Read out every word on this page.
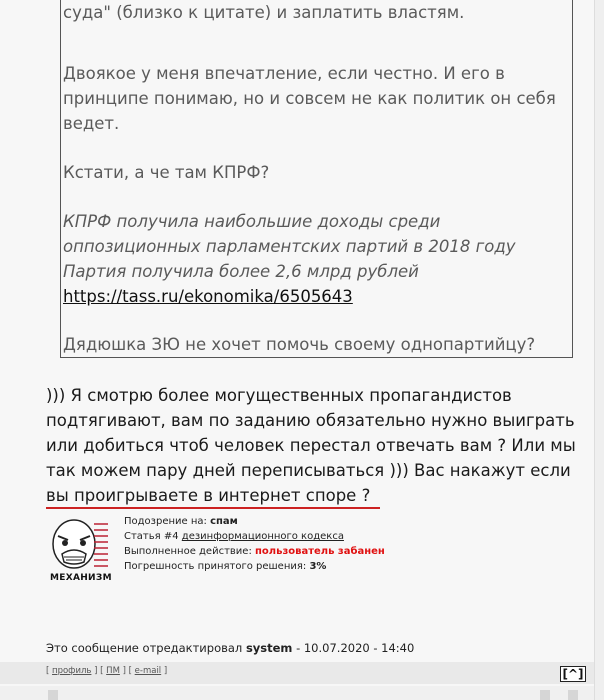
суда" (близко к цитате) и заплатить властям.

Двоякое у меня впечатление, если честно. И его в принципе понимаю, но и совсем не как политик он себя ведет.

Кстати, а че там КПРФ?

КПРФ получила наибольшие доходы среди оппозиционных парламентских партий в 2018 году Партия получила более 2,6 млрд рублей
https://tass.ru/ekonomika/6505643

Дядюшка ЗЮ не хочет помочь своему однопартийцу?

))) Я смотрю более могущественных пропагандистов подтягивают, вам по заданию обязательно нужно выиграть или добиться чтоб человек перестал отвечать вам ? Или мы так можем пару дней переписываться ))) Вас накажут если вы проигрываете в интернет споре ?
МЕХАНИЗМ
Подозрение на: спам
Статья #4 дезинформационного кодекса
Выполненное действие: пользователь забанен
Погрешность принятого решения: 3%
Это сообщение отредактировал system - 10.07.2020 - 14:40
[ профиль ] [ ПМ ] [ e-mail ]	[^]
